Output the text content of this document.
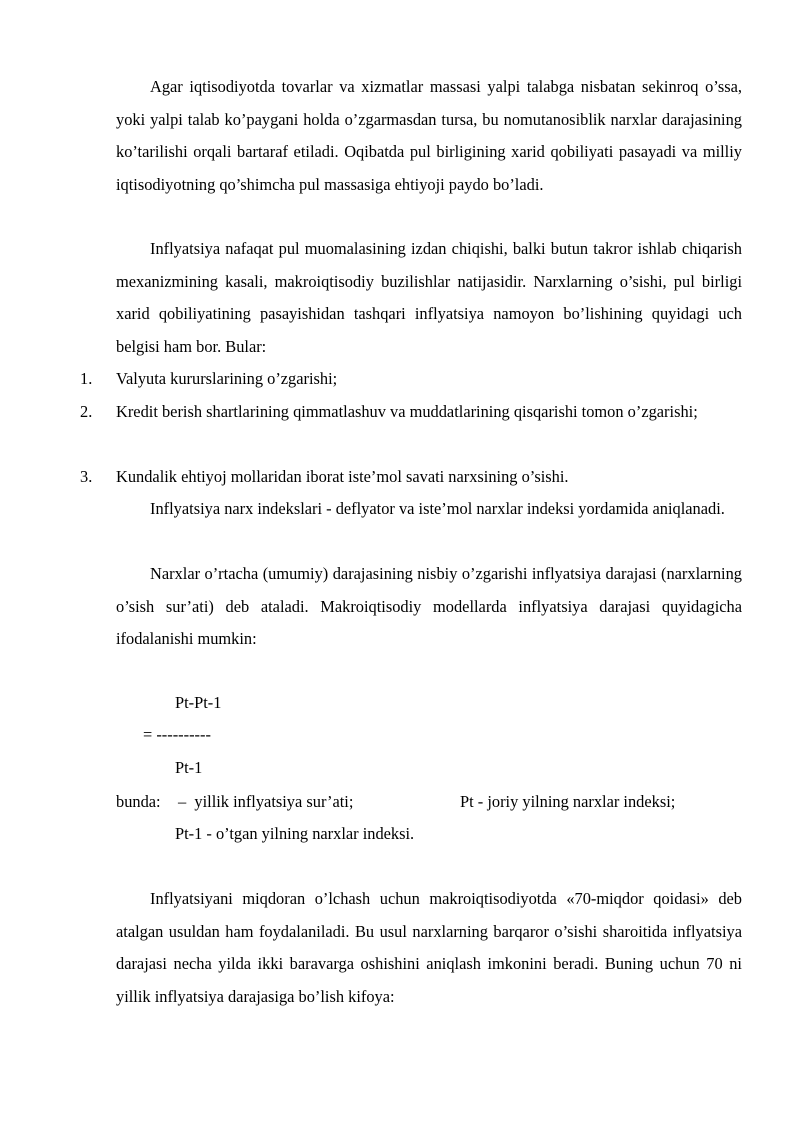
Agar iqtisodiyotda tovarlar va xizmatlar massasi yalpi talabga nisbatan sekinroq o’ssa, yoki yalpi talab ko’paygani holda o’zgarmasdan tursa, bu nomutanosiblik narxlar darajasining ko’tarilishi orqali bartaraf etiladi. Oqibatda pul birligining xarid qobiliyati pasayadi va milliy iqtisodiyotning qo’shimcha pul massasiga ehtiyoji paydo bo’ladi.

Inflyatsiya nafaqat pul muomalasining izdan chiqishi, balki butun takror ishlab chiqarish mexanizmining kasali, makroiqtisodiy buzilishlar natijasidir. Narxlarning o’sishi, pul birligi xarid qobiliyatining pasayishidan tashqari inflyatsiya namoyon bo’lishining quyidagi uch belgisi ham bor. Bular:

1. Valyuta kururslarining o’zgarishi;
2. Kredit berish shartlarining qimmatlashuv va muddatlarining qisqarishi tomon o’zgarishi;
3. Kundalik ehtiyoj mollaridan iborat iste’mol savati narxsining o’sishi.

Inflyatsiya narx indekslari - deflyator va iste’mol narxlar indeksi yordamida aniqlanadi.

Narxlar o’rtacha (umumiy) darajasining nisbiy o’zgarishi inflyatsiya darajasi (narxlarning o’sish sur’ati) deb ataladi. Makroiqtisodiy modellarda inflyatsiya darajasi quyidagicha ifodalanishi mumkin:

Pt-Pt-1
= ----------
Pt-1
bunda: –  yillik inflyatsiya sur’ati;	Pt - joriy yilning narxlar indeksi;
Pt-1 - o’tgan yilning narxlar indeksi.

Inflyatsiyani miqdoran o’lchash uchun makroiqtisodiyotda «70-miqdor qoidasi» deb atalgan usuldan ham foydalaniladi. Bu usul narxlarning barqaror o’sishi sharoitida inflyatsiya darajasi necha yilda ikki baravarga oshishini aniqlash imkonini beradi. Buning uchun 70 ni yillik inflyatsiya darajasiga bo’lish kifoya:
